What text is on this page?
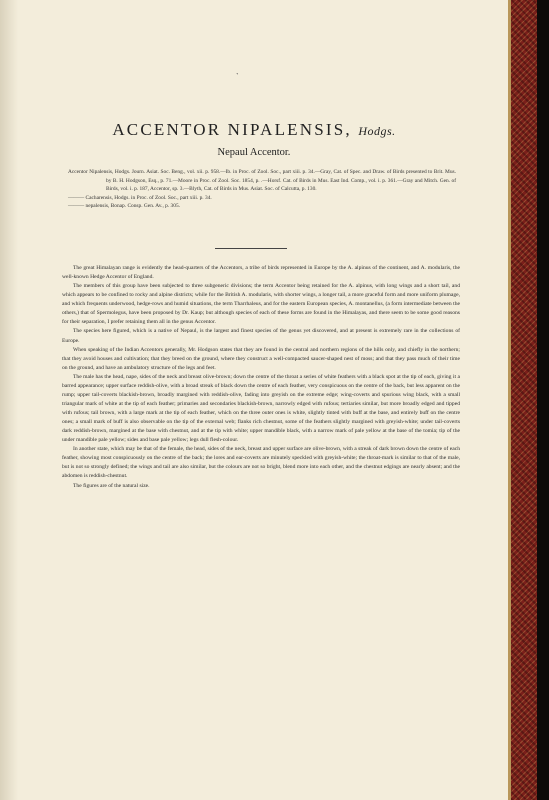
ᐩ
ACCENTOR NIPALENSIS, Hodgs.
Nepaul Accentor.

Accentor Nipalensis, Hodgs. Journ. Asiat. Soc. Beng., vol. xii. p. 958.—Ib. in Proc. of Zool. Soc., part xiii. p. 34.—Gray, Cat. of Spec. and Draw. of Birds presented to Brit. Mus. by B. H. Hodgson, Esq., p. 71.—Moore in Proc. of Zool. Soc. 1854, p. .—Horsf. Cat. of Birds in Mus. East Ind. Comp., vol. i. p. 361.—Gray and Mitch. Gen. of Birds, vol. i. p. 187, Accentor, sp. 3.—Blyth, Cat. of Birds in Mus. Asiat. Soc. of Calcutta, p. 130.

——— Cacharensis, Hodgs. in Proc. of Zool. Soc., part xiii. p. 34.

——— nepalensis, Bonap. Consp. Gen. Av., p. 305.

The great Himalayan range is evidently the head-quarters of the Accentors, a tribe of birds represented in Europe by the A. alpinus of the continent, and A. modularis, the well-known Hedge Accentor of England.

The members of this group have been subjected to three subgeneric divisions; the term Accentor being retained for the A. alpinus, with long wings and a short tail, and which appears to be confined to rocky and alpine districts; while for the British A. modularis, with shorter wings, a longer tail, a more graceful form and more uniform plumage, and which frequents underwood, hedge-rows and humid situations, the term Tharrhaleus, and for the eastern European species, A. montanellus, (a form intermediate between the others,) that of Spermolegus, have been proposed by Dr. Kaup; but although species of each of these forms are found in the Himalayas, and there seem to be some good reasons for their separation, I prefer retaining them all in the genus Accentor.

The species here figured, which is a native of Nepaul, is the largest and finest species of the genus yet discovered, and at present is extremely rare in the collections of Europe.

When speaking of the Indian Accentors generally, Mr. Hodgson states that they are found in the central and northern regions of the hills only, and chiefly in the northern; that they avoid houses and cultivation; that they breed on the ground, where they construct a well-compacted saucer-shaped nest of moss; and that they pass much of their time on the ground, and have an ambulatory structure of the legs and feet.

The male has the head, nape, sides of the neck and breast olive-brown; down the centre of the throat a series of white feathers with a black spot at the tip of each, giving it a barred appearance; upper surface reddish-olive, with a broad streak of black down the centre of each feather, very conspicuous on the centre of the back, but less apparent on the rump; upper tail-coverts blackish-brown, broadly margined with reddish-olive, fading into greyish on the extreme edge; wing-coverts and spurious wing black, with a small triangular mark of white at the tip of each feather; primaries and secondaries blackish-brown, narrowly edged with rufous; tertiaries similar, but more broadly edged and tipped with rufous; tail brown, with a large mark at the tip of each feather, which on the three outer ones is white, slightly tinted with buff at the base, and entirely buff on the centre ones; a small mark of buff is also observable on the tip of the external web; flanks rich chestnut, some of the feathers slightly margined with greyish-white; under tail-coverts dark reddish-brown, margined at the base with chestnut, and at the tip with white; upper mandible black, with a narrow mark of pale yellow at the base of the tomia; tip of the under mandible pale yellow; sides and base pale yellow; legs dull flesh-colour.

In another state, which may be that of the female, the head, sides of the neck, breast and upper surface are olive-brown, with a streak of dark brown down the centre of each feather, showing most conspicuously on the centre of the back; the lores and ear-coverts are minutely speckled with greyish-white; the throat-mark is similar to that of the male, but is not so strongly defined; the wings and tail are also similar, but the colours are not so bright, blend more into each other, and the chestnut edgings are nearly absent; and the abdomen is reddish-chestnut.

The figures are of the natural size.
